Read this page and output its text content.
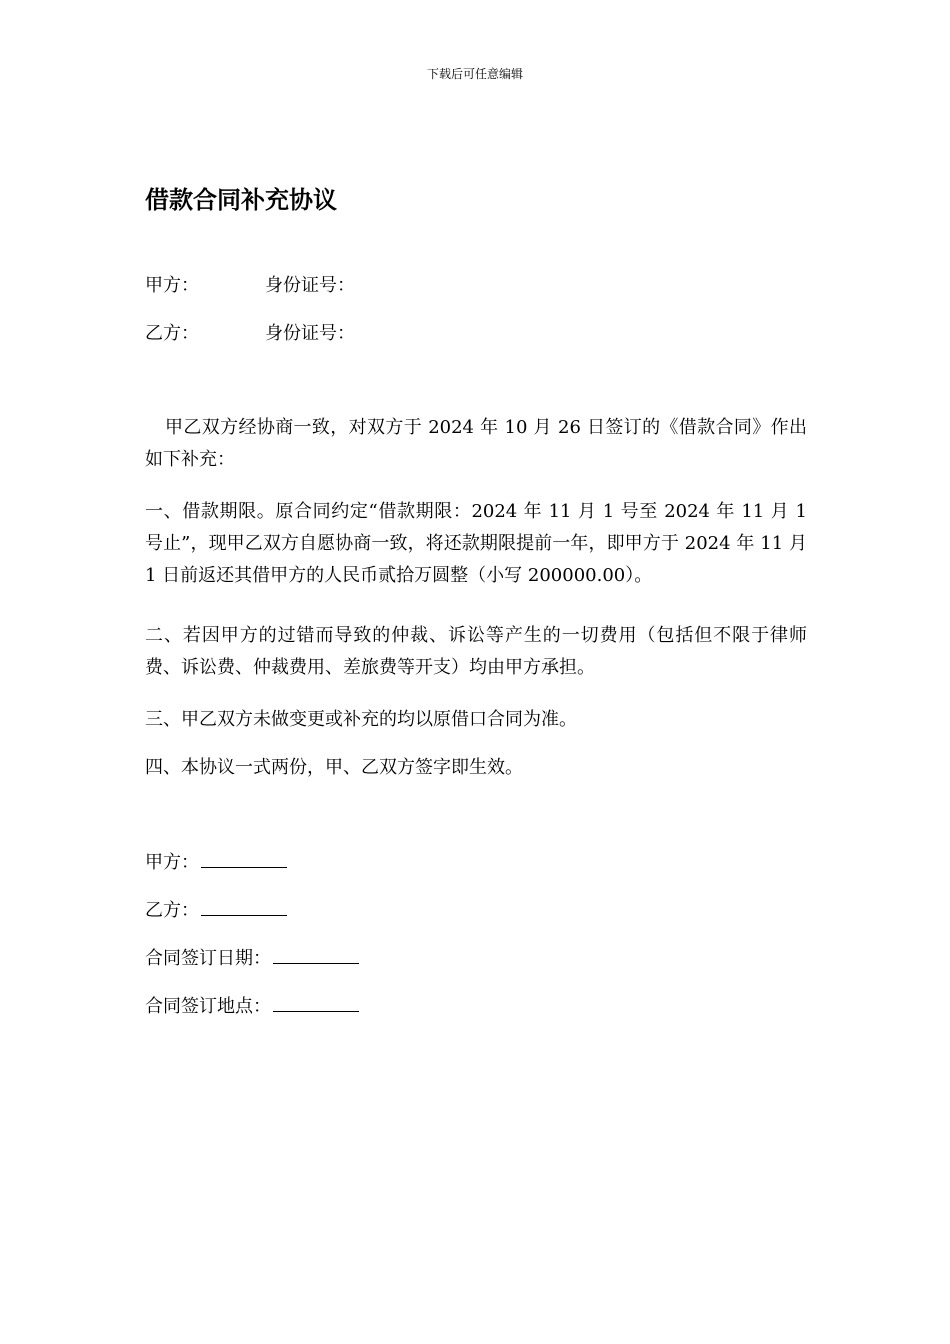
下载后可任意编辑
借款合同补充协议
甲方：	身份证号：
乙方：	身份证号：
甲乙双方经协商一致，对双方于 2024 年 10 月 26 日签订的《借款合同》作出如下补充：
一、借款期限。原合同约定“借款期限：2024 年 11 月 1 号至 2024 年 11 月 1 号止”，现甲乙双方自愿协商一致，将还款期限提前一年，即甲方于 2024 年 11 月 1 日前返还其借甲方的人民币贰拾万圆整（小写 200000.00）。
二、若因甲方的过错而导致的仲裁、诉讼等产生的一切费用（包括但不限于律师费、诉讼费、仲裁费用、差旅费等开支）均由甲方承担。
三、甲乙双方未做变更或补充的均以原借口合同为准。
四、本协议一式两份，甲、乙双方签字即生效。
甲方：
乙方：
合同签订日期：
合同签订地点：
